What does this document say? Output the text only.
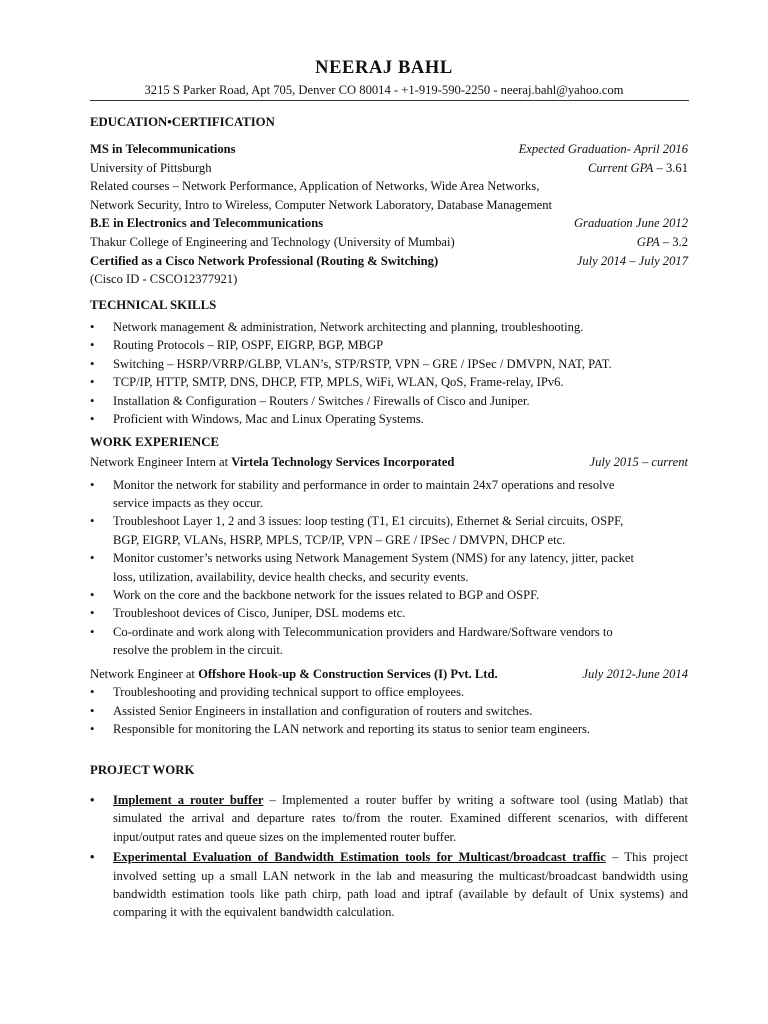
NEERAJ BAHL
3215 S Parker Road, Apt 705, Denver CO 80014 - +1-919-590-2250 - neeraj.bahl@yahoo.com
EDUCATION•CERTIFICATION
MS in Telecommunications	Expected Graduation- April 2016
University of Pittsburgh	Current GPA – 3.61
Related courses – Network Performance, Application of Networks, Wide Area Networks,
Network Security, Intro to Wireless, Computer Network Laboratory, Database Management
B.E in Electronics and Telecommunications	Graduation June 2012
Thakur College of Engineering and Technology (University of Mumbai)	GPA – 3.2
Certified as a Cisco Network Professional (Routing & Switching)	July 2014 – July 2017
(Cisco ID - CSCO12377921)
TECHNICAL SKILLS
•	Network management & administration, Network architecting and planning, troubleshooting.
•	Routing Protocols – RIP, OSPF, EIGRP, BGP, MBGP
•	Switching – HSRP/VRRP/GLBP, VLAN’s, STP/RSTP, VPN – GRE / IPSec / DMVPN, NAT, PAT.
•	TCP/IP, HTTP, SMTP, DNS, DHCP, FTP, MPLS, WiFi, WLAN, QoS, Frame-relay, IPv6.
•	Installation & Configuration – Routers / Switches / Firewalls of Cisco and Juniper.
•	Proficient with Windows, Mac and Linux Operating Systems.
WORK EXPERIENCE
Network Engineer Intern at Virtela Technology Services Incorporated	July 2015 – current
•	Monitor the network for stability and performance in order to maintain 24x7 operations and resolve
service impacts as they occur.
•	Troubleshoot Layer 1, 2 and 3 issues: loop testing (T1, E1 circuits), Ethernet & Serial circuits, OSPF,
BGP, EIGRP, VLANs, HSRP, MPLS, TCP/IP, VPN – GRE / IPSec / DMVPN, DHCP etc.
•	Monitor customer’s networks using Network Management System (NMS) for any latency, jitter, packet
loss, utilization, availability, device health checks, and security events.
•	Work on the core and the backbone network for the issues related to BGP and OSPF.
•	Troubleshoot devices of Cisco, Juniper, DSL modems etc.
•	Co-ordinate and work along with Telecommunication providers and Hardware/Software vendors to
resolve the problem in the circuit.
Network Engineer at Offshore Hook-up & Construction Services (I) Pvt. Ltd.	July 2012-June 2014
•	Troubleshooting and providing technical support to office employees.
•	Assisted Senior Engineers in installation and configuration of routers and switches.
•	Responsible for monitoring the LAN network and reporting its status to senior team engineers.
PROJECT WORK
•	Implement a router buffer – Implemented a router buffer by writing a software tool (using Matlab) that simulated the arrival and departure rates to/from the router. Examined different scenarios, with different input/output rates and queue sizes on the implemented router buffer.
•	Experimental Evaluation of Bandwidth Estimation tools for Multicast/broadcast traffic – This project involved setting up a small LAN network in the lab and measuring the multicast/broadcast bandwidth using bandwidth estimation tools like path chirp, path load and iptraf (available by default of Unix systems) and comparing it with the equivalent bandwidth calculation.
